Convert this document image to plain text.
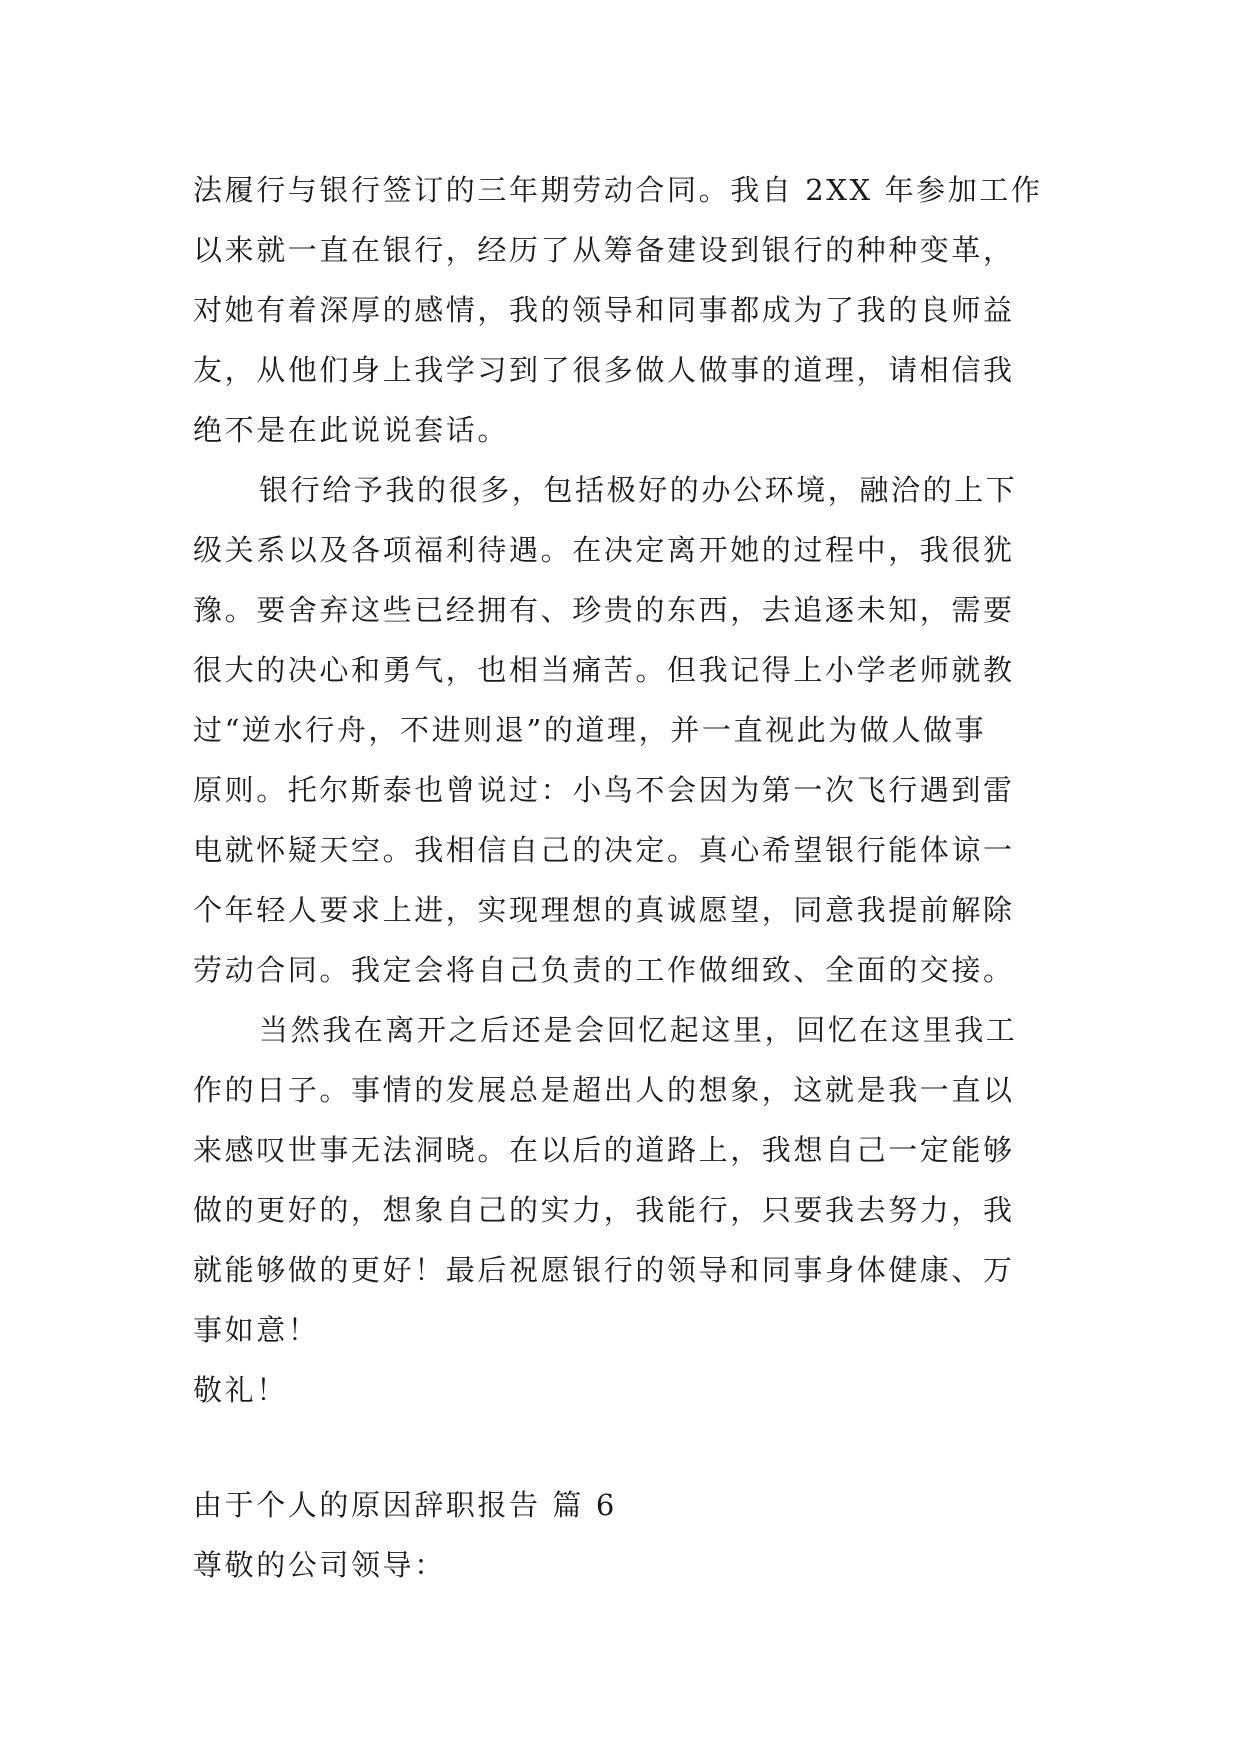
法履行与银行签订的三年期劳动合同。我自 2XX 年参加工作
以来就一直在银行，经历了从筹备建设到银行的种种变革，
对她有着深厚的感情，我的领导和同事都成为了我的良师益
友，从他们身上我学习到了很多做人做事的道理，请相信我
绝不是在此说说套话。
银行给予我的很多，包括极好的办公环境，融洽的上下
级关系以及各项福利待遇。在决定离开她的过程中，我很犹
豫。要舍弃这些已经拥有、珍贵的东西，去追逐未知，需要
很大的决心和勇气，也相当痛苦。但我记得上小学老师就教
过“逆水行舟，不进则退”的道理，并一直视此为做人做事
原则。托尔斯泰也曾说过：小鸟不会因为第一次飞行遇到雷
电就怀疑天空。我相信自己的决定。真心希望银行能体谅一
个年轻人要求上进，实现理想的真诚愿望，同意我提前解除
劳动合同。我定会将自己负责的工作做细致、全面的交接。
当然我在离开之后还是会回忆起这里，回忆在这里我工
作的日子。事情的发展总是超出人的想象，这就是我一直以
来感叹世事无法洞晓。在以后的道路上，我想自己一定能够
做的更好的，想象自己的实力，我能行，只要我去努力，我
就能够做的更好！最后祝愿银行的领导和同事身体健康、万
事如意！
敬礼！
由于个人的原因辞职报告 篇 6
尊敬的公司领导：
